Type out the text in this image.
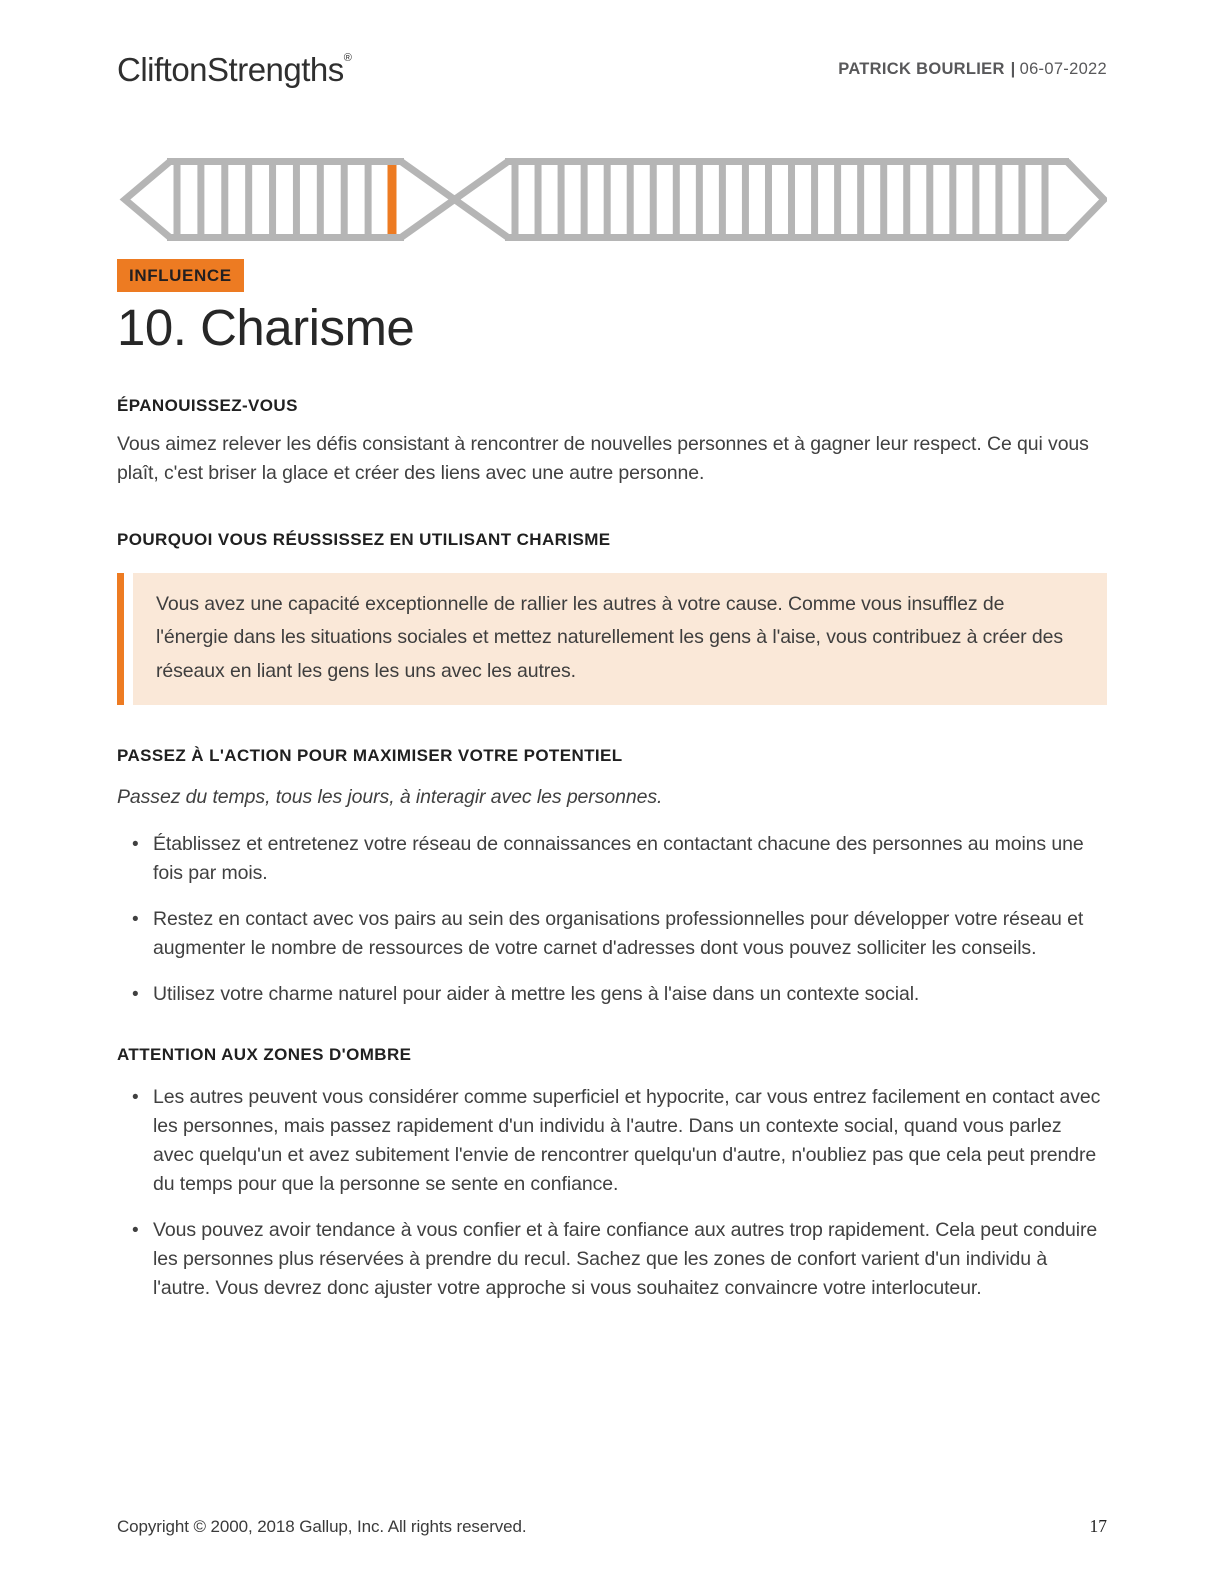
CliftonStrengths®
PATRICK BOURLIER | 06-07-2022
INFLUENCE
10. Charisme
ÉPANOUISSEZ-VOUS

Vous aimez relever les défis consistant à rencontrer de nouvelles personnes et à gagner leur respect. Ce qui vous plaît, c'est briser la glace et créer des liens avec une autre personne.

POURQUOI VOUS RÉUSSISSEZ EN UTILISANT CHARISME
Vous avez une capacité exceptionnelle de rallier les autres à votre cause. Comme vous insufflez de l'énergie dans les situations sociales et mettez naturellement les gens à l'aise, vous contribuez à créer des réseaux en liant les gens les uns avec les autres.
PASSEZ À L'ACTION POUR MAXIMISER VOTRE POTENTIEL

Passez du temps, tous les jours, à interagir avec les personnes.

• Établissez et entretenez votre réseau de connaissances en contactant chacune des personnes au moins une fois par mois.
• Restez en contact avec vos pairs au sein des organisations professionnelles pour développer votre réseau et augmenter le nombre de ressources de votre carnet d'adresses dont vous pouvez solliciter les conseils.
• Utilisez votre charme naturel pour aider à mettre les gens à l'aise dans un contexte social.
ATTENTION AUX ZONES D'OMBRE
• Les autres peuvent vous considérer comme superficiel et hypocrite, car vous entrez facilement en contact avec les personnes, mais passez rapidement d'un individu à l'autre. Dans un contexte social, quand vous parlez avec quelqu'un et avez subitement l'envie de rencontrer quelqu'un d'autre, n'oubliez pas que cela peut prendre du temps pour que la personne se sente en confiance.
• Vous pouvez avoir tendance à vous confier et à faire confiance aux autres trop rapidement. Cela peut conduire les personnes plus réservées à prendre du recul. Sachez que les zones de confort varient d'un individu à l'autre. Vous devrez donc ajuster votre approche si vous souhaitez convaincre votre interlocuteur.
Copyright © 2000, 2018 Gallup, Inc. All rights reserved.	17
